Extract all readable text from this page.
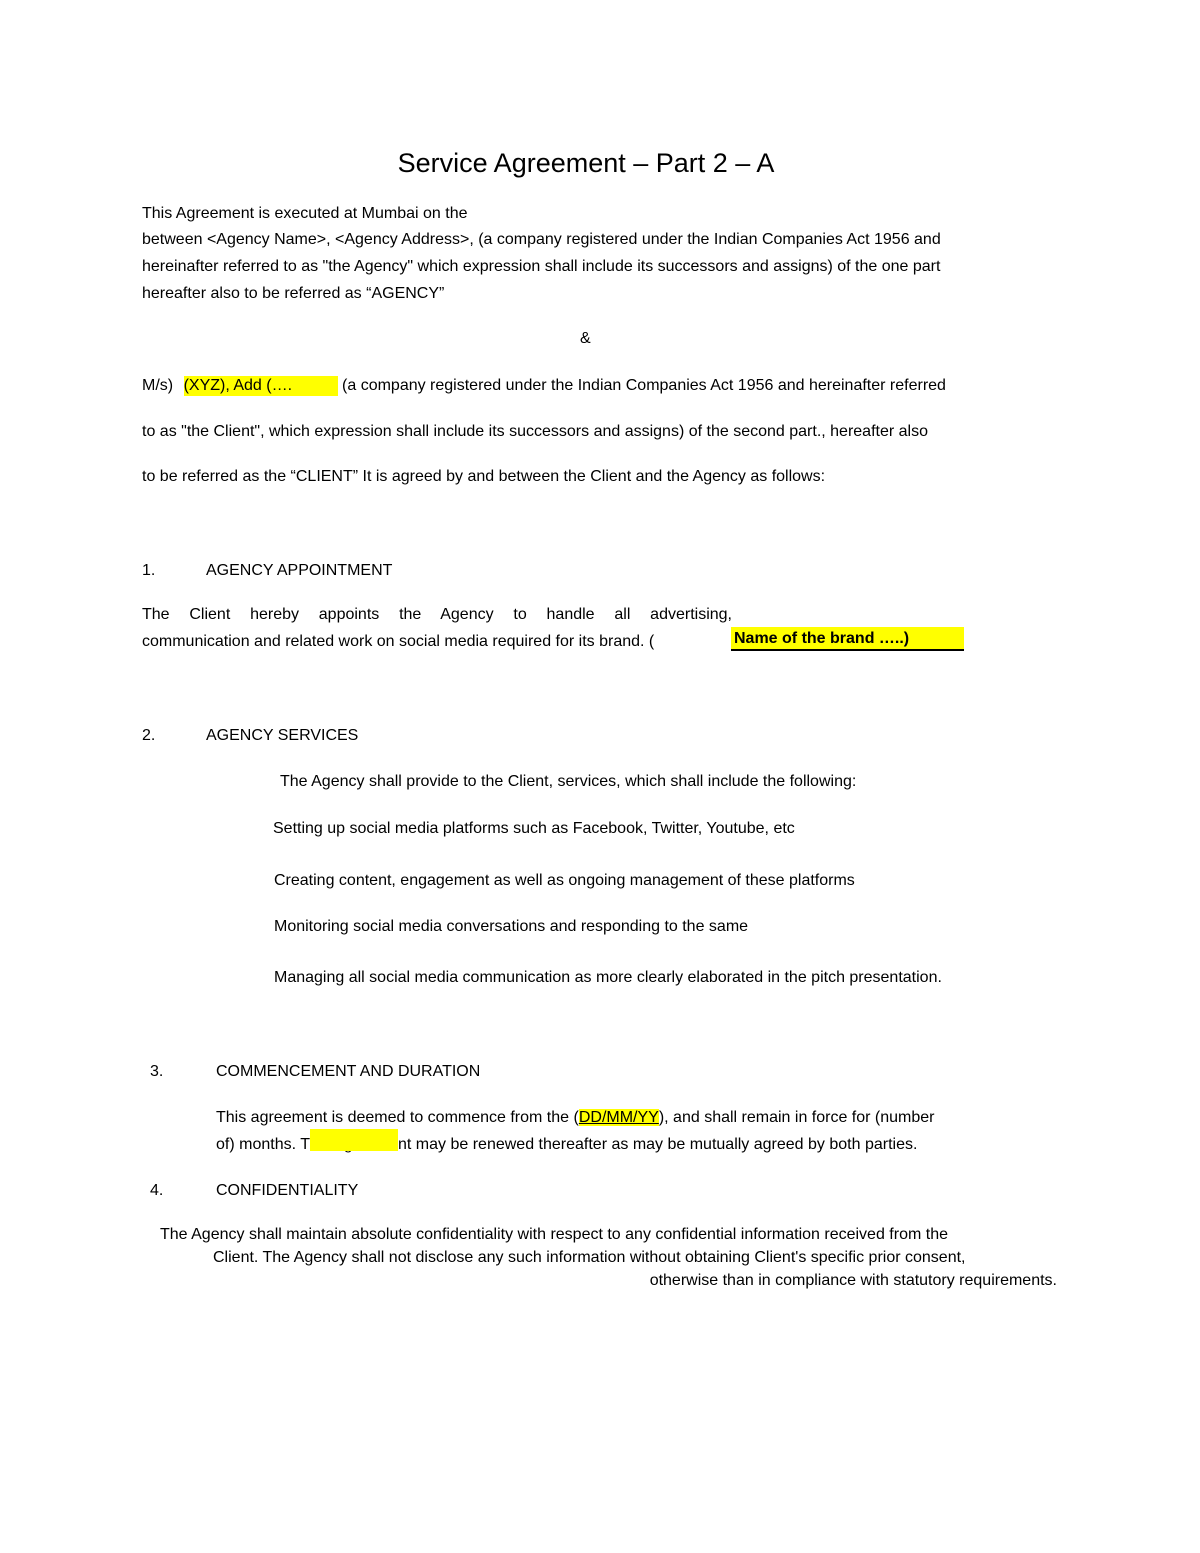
Service Agreement – Part 2 – A
This Agreement is executed at Mumbai on the
between <Agency Name>, <Agency Address>, (a company registered under the Indian Companies Act 1956 and
hereinafter referred to as "the Agency" which expression shall include its successors and assigns) of the one part
hereafter also to be referred as “AGENCY”
&
M/s) (XYZ), Add (….	(a company registered under the Indian Companies Act 1956 and hereinafter referred
to as "the Client", which expression shall include its successors and assigns) of the second part., hereafter also
to be referred as the “CLIENT” It is agreed by and between the Client and the Agency as follows:
1.	AGENCY APPOINTMENT
The Client hereby appoints the Agency to handle all advertising,
communication and related work on social media required for its brand. (	Name of the brand …..)
2.	AGENCY SERVICES
The Agency shall provide to the Client, services, which shall include the following:
Setting up social media platforms such as Facebook, Twitter, Youtube, etc
Creating content, engagement as well as ongoing management of these platforms
Monitoring social media conversations and responding to the same
Managing all social media communication as more clearly elaborated in the pitch presentation.
3.	COMMENCEMENT AND DURATION
This agreement is deemed to commence from the (DD/MM/YY), and shall remain in force for (number
of) months. T	nt may be renewed thereafter as may be mutually agreed by both parties.
4.	CONFIDENTIALITY
The Agency shall maintain absolute confidentiality with respect to any confidential information received from the
Client. The Agency shall not disclose any such information without obtaining Client's specific prior consent,
otherwise than in compliance with statutory requirements.
